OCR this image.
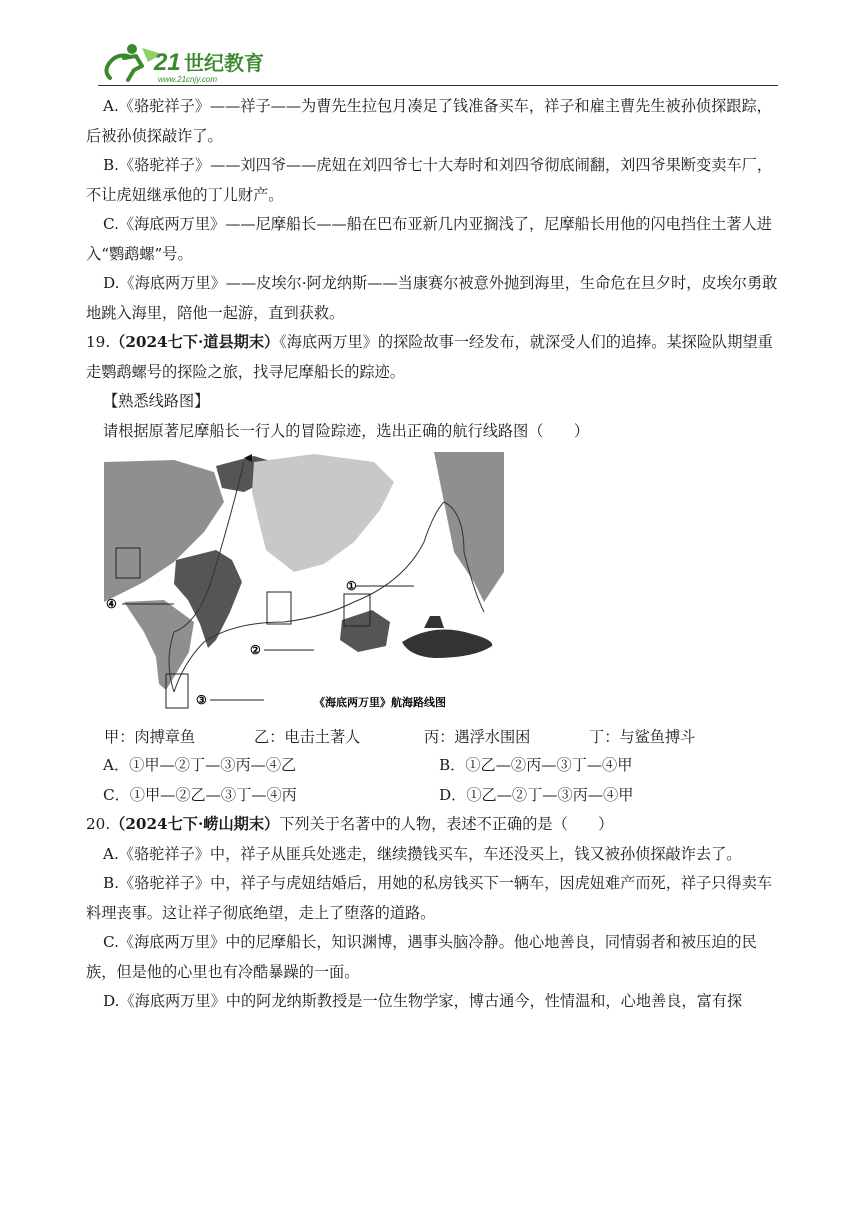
21 世纪教育
www.21cnjy.com

A.《骆驼祥子》——祥子——为曹先生拉包月凑足了钱准备买车，祥子和雇主曹先生被孙侦探跟踪，后被孙侦探敲诈了。

B.《骆驼祥子》——刘四爷——虎妞在刘四爷七十大寿时和刘四爷彻底闹翻，刘四爷果断变卖车厂，不让虎妞继承他的丁儿财产。

C.《海底两万里》——尼摩船长——船在巴布亚新几内亚搁浅了，尼摩船长用他的闪电挡住土著人进入“鹦鹉螺”号。

D.《海底两万里》——皮埃尔·阿龙纳斯——当康赛尔被意外抛到海里，生命危在旦夕时，皮埃尔勇敢地跳入海里，陪他一起游，直到获救。

19.（2024七下·道县期末）《海底两万里》的探险故事一经发布，就深受人们的追捧。某探险队期望重走鹦鹉螺号的探险之旅，找寻尼摩船长的踪迹。

【熟悉线路图】

请根据原著尼摩船长一行人的冒险踪迹，选出正确的航行线路图（　　）

④
①
②
③	《海底两万里》航海路线图
甲：肉搏章鱼	乙：电击土著人	丙：遇浮水围困	丁：与鲨鱼搏斗

A．①甲—②丁—③丙—④乙	B．①乙—②丙—③丁—④甲

C．①甲—②乙—③丁—④丙	D．①乙—②丁—③丙—④甲

20.（2024七下·崂山期末）下列关于名著中的人物，表述不正确的是（　　）

A.《骆驼祥子》中，祥子从匪兵处逃走，继续攒钱买车，车还没买上，钱又被孙侦探敲诈去了。

B.《骆驼祥子》中，祥子与虎妞结婚后，用她的私房钱买下一辆车，因虎妞难产而死，祥子只得卖车料理丧事。这让祥子彻底绝望，走上了堕落的道路。

C.《海底两万里》中的尼摩船长，知识渊博，遇事头脑冷静。他心地善良，同情弱者和被压迫的民族，但是他的心里也有冷酷暴躁的一面。

D.《海底两万里》中的阿龙纳斯教授是一位生物学家，博古通今，性情温和，心地善良，富有探
